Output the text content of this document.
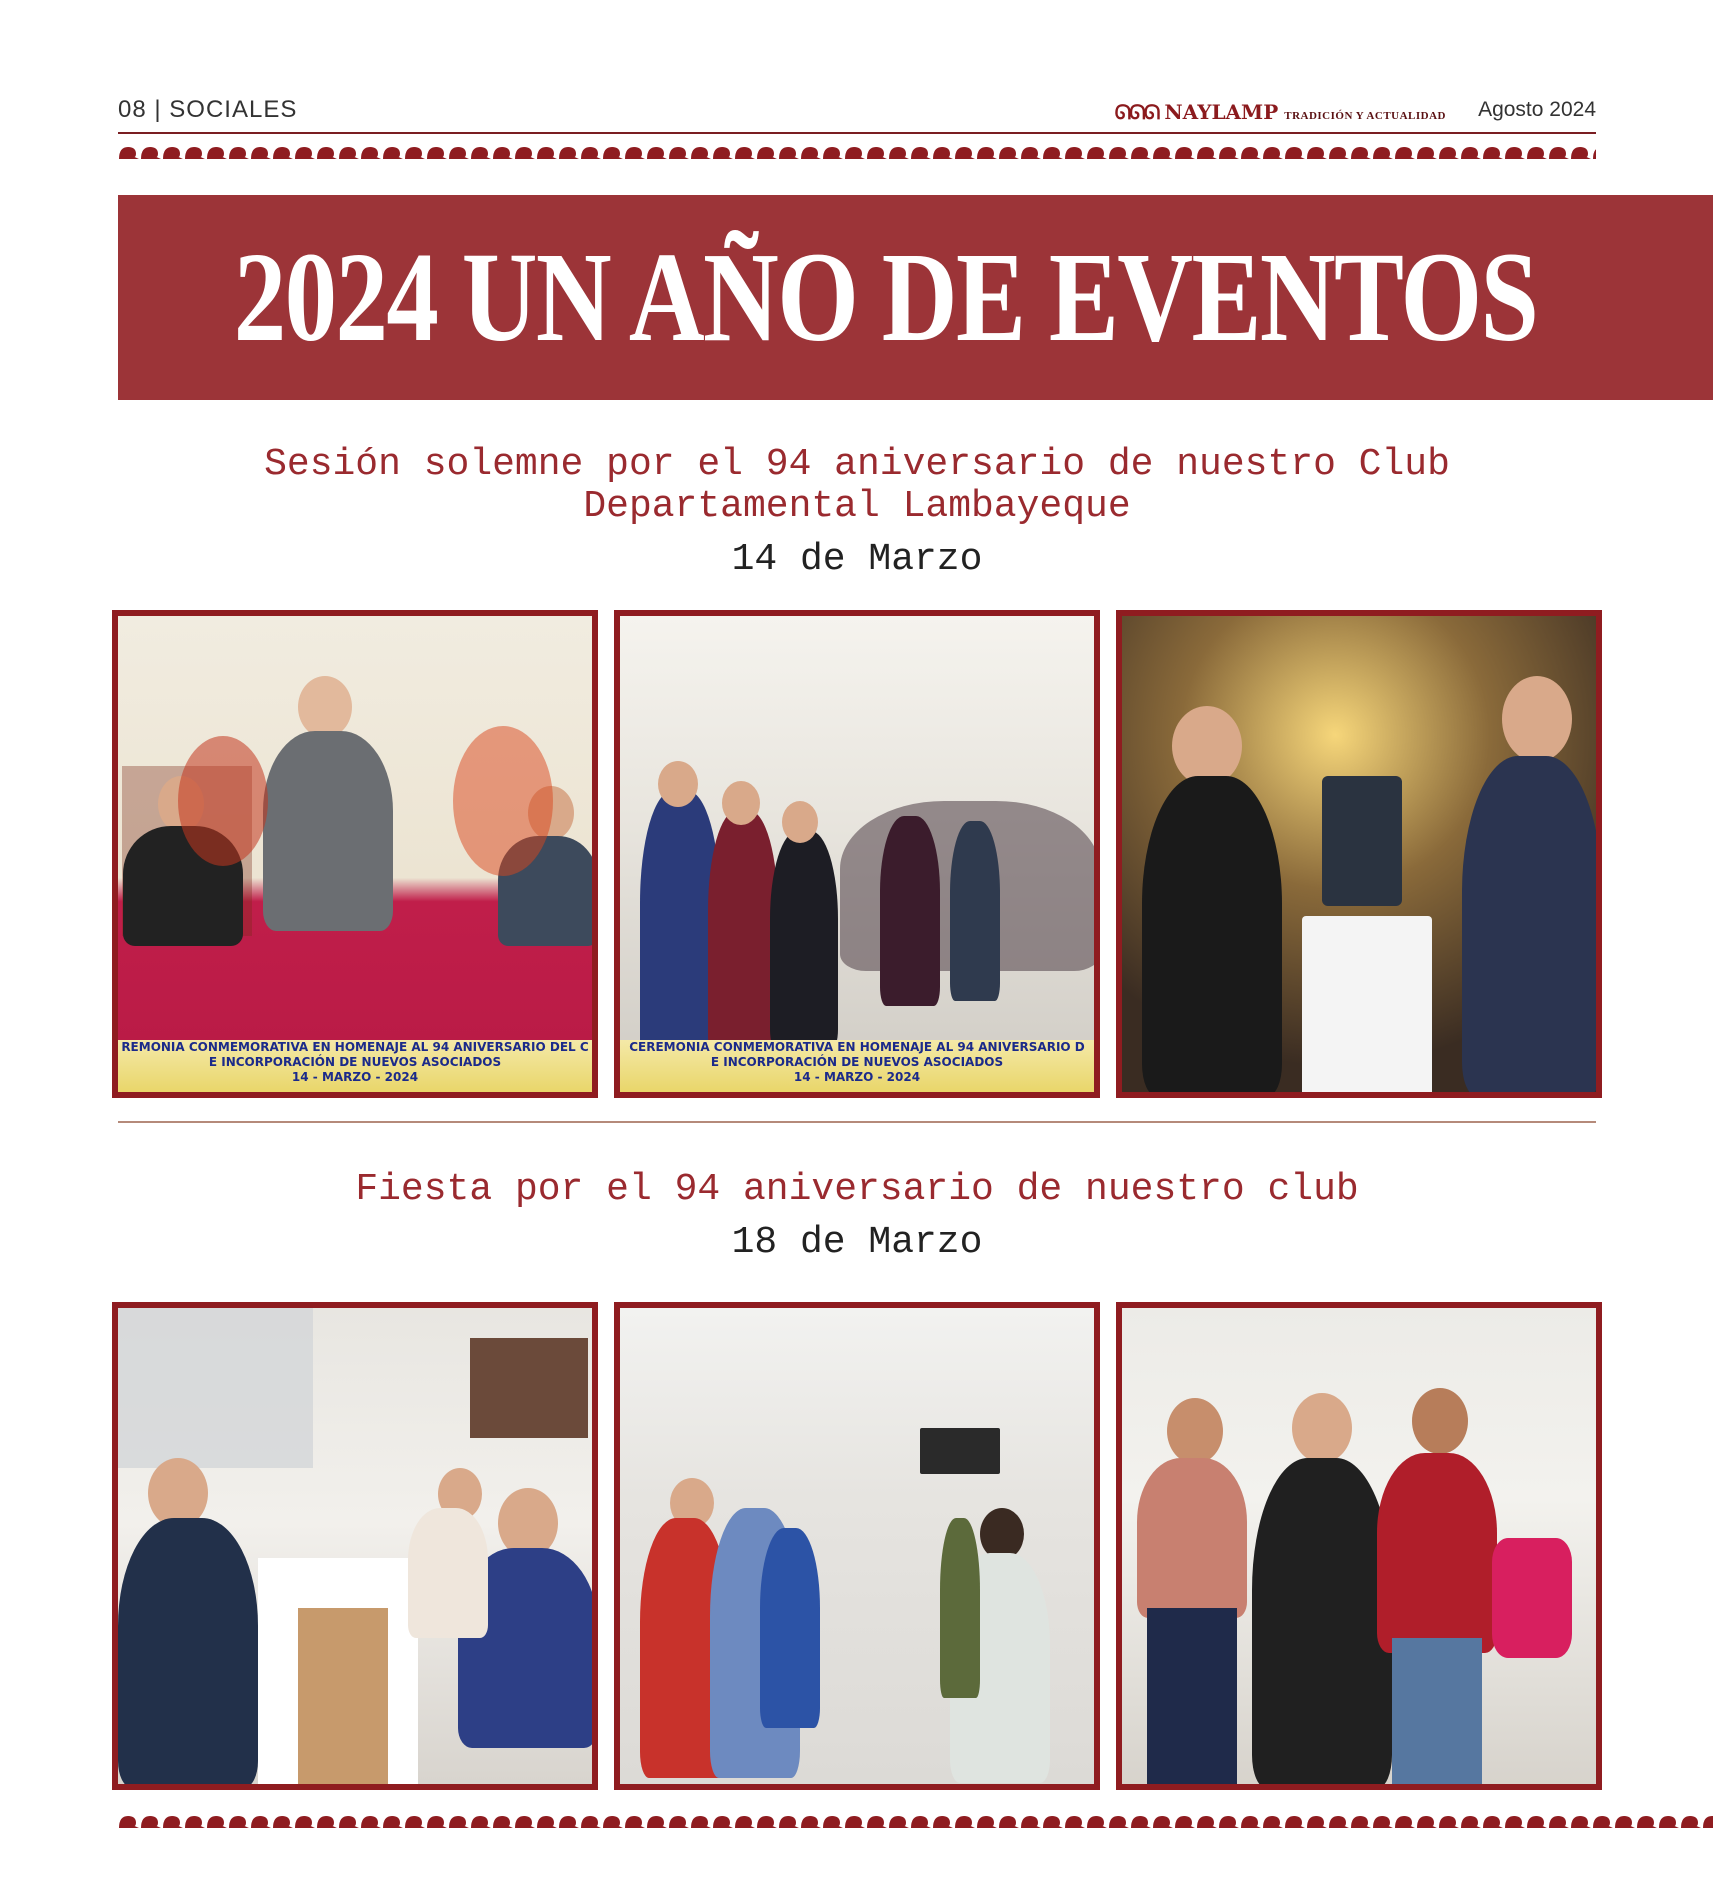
08 | SOCIALES	ᘏᘏᘏ NAYLAMP TRADICIÓN Y ACTUALIDAD Agosto 2024
2024 UN AÑO DE EVENTOS
Sesión solemne por el 94 aniversario de nuestro Club
Departamental Lambayeque
14 de Marzo
REMONIA CONMEMORATIVA EN HOMENAJE AL 94 ANIVERSARIO DEL C
E INCORPORACIÓN DE NUEVOS ASOCIADOS
14 - MARZO - 2024
CEREMONIA CONMEMORATIVA EN HOMENAJE AL 94 ANIVERSARIO D
E INCORPORACIÓN DE NUEVOS ASOCIADOS
14 - MARZO - 2024
Fiesta por el 94 aniversario de nuestro club
18 de Marzo
